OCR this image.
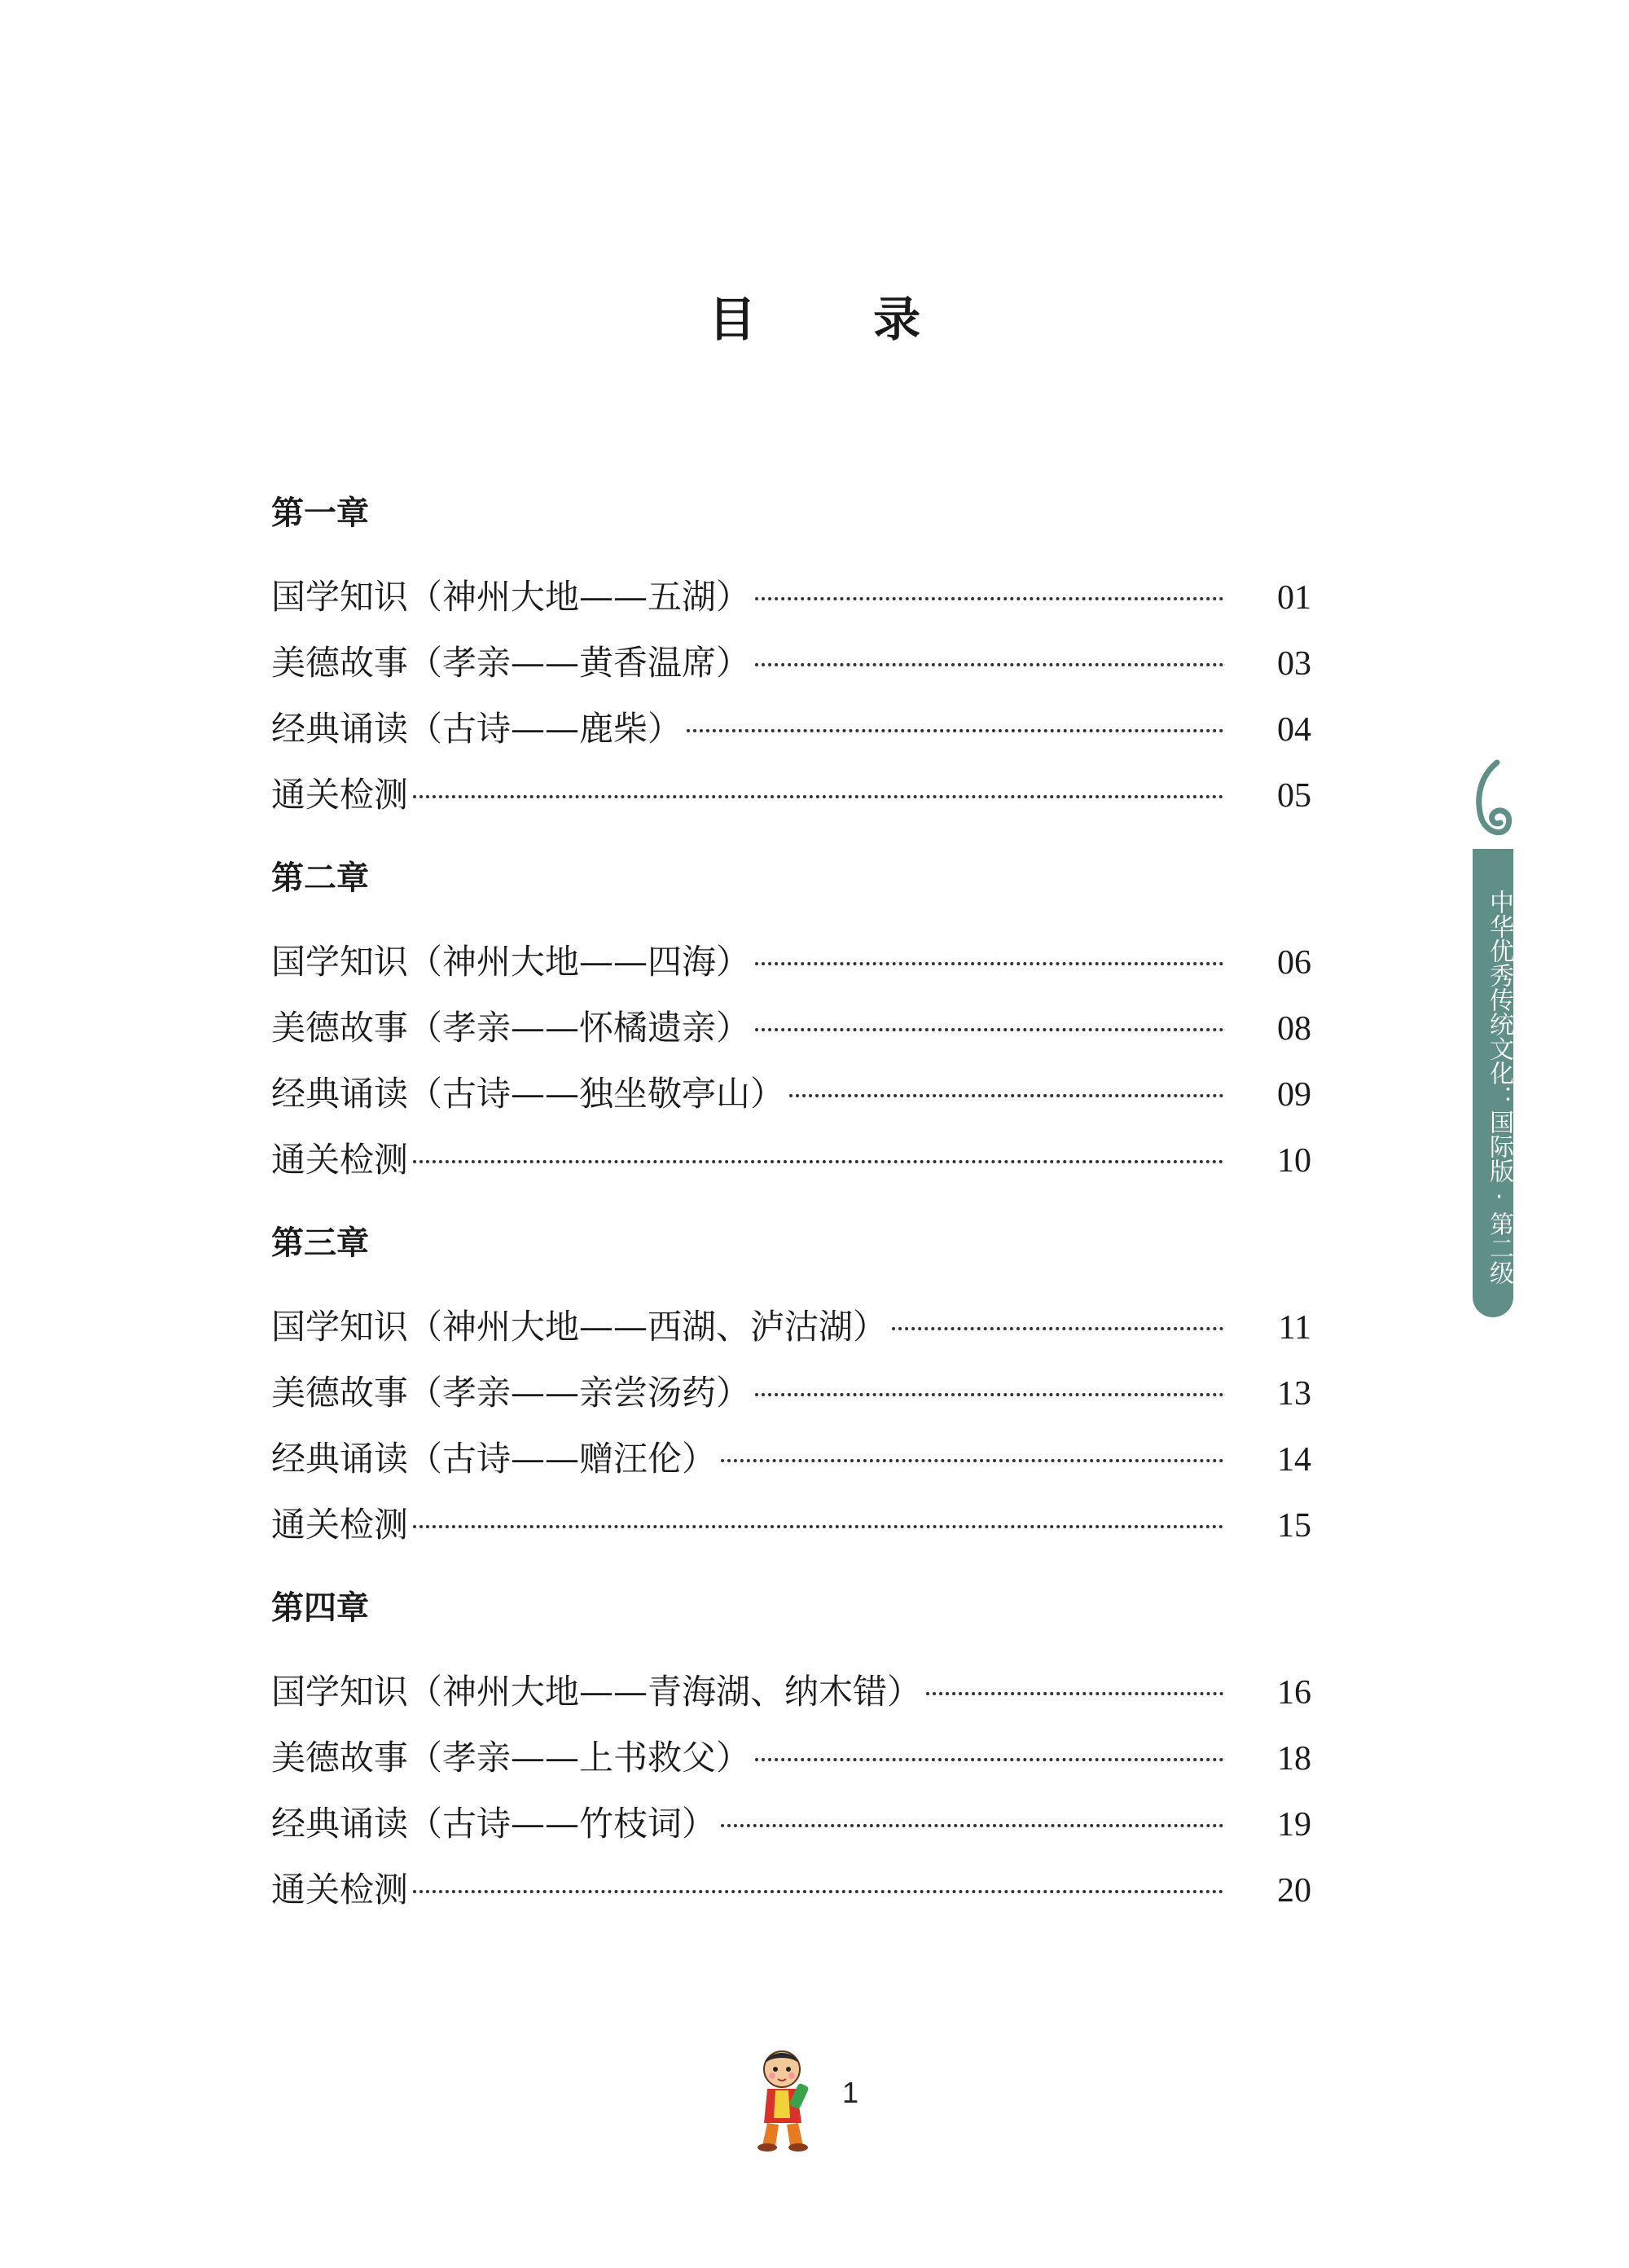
目 录
第一章
国学知识（神州大地——五湖）	01
美德故事（孝亲——黄香温席）	03
经典诵读（古诗——鹿柴）	04
通关检测	05
第二章
国学知识（神州大地——四海）	06
美德故事（孝亲——怀橘遗亲）	08
经典诵读（古诗——独坐敬亭山）	09
通关检测	10
第三章
国学知识（神州大地——西湖、泸沽湖）	11
美德故事（孝亲——亲尝汤药）	13
经典诵读（古诗——赠汪伦）	14
通关检测	15
第四章
国学知识（神州大地——青海湖、纳木错）	16
美德故事（孝亲——上书救父）	18
经典诵读（古诗——竹枝词）	19
通关检测	20
中华优秀传统文化：国际版·第二级
1
